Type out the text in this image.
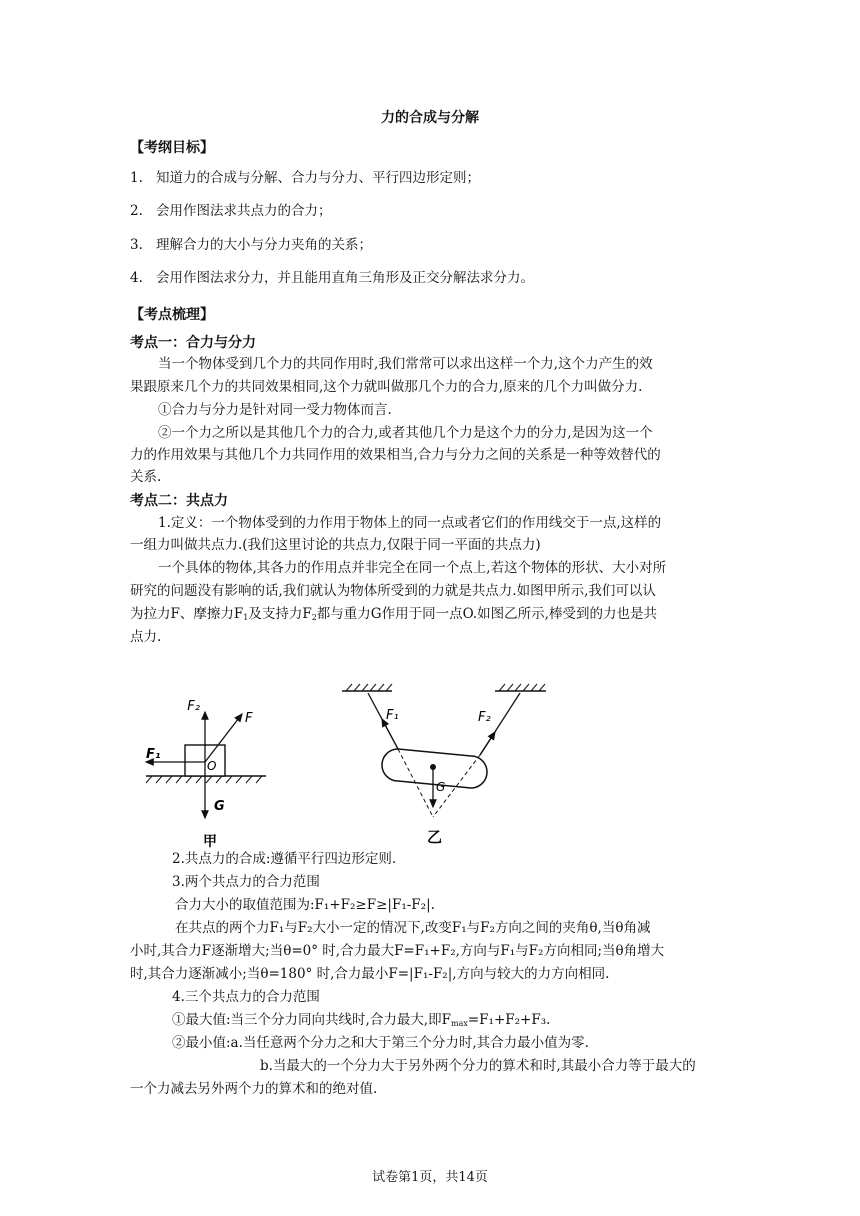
力的合成与分解
【考纲目标】
1. 知道力的合成与分解、合力与分力、平行四边形定则；
2. 会用作图法求共点力的合力；
3. 理解合力的大小与分力夹角的关系；
4. 会用作图法求分力，并且能用直角三角形及正交分解法求分力。
【考点梳理】
考点一：合力与分力
当一个物体受到几个力的共同作用时,我们常常可以求出这样一个力,这个力产生的效
果跟原来几个力的共同效果相同,这个力就叫做那几个力的合力,原来的几个力叫做分力.
①合力与分力是针对同一受力物体而言.
②一个力之所以是其他几个力的合力,或者其他几个力是这个力的分力,是因为这一个
力的作用效果与其他几个力共同作用的效果相当,合力与分力之间的关系是一种等效替代的
关系.
考点二：共点力
1.定义：一个物体受到的力作用于物体上的同一点或者它们的作用线交于一点,这样的
一组力叫做共点力.(我们这里讨论的共点力,仅限于同一平面的共点力)
一个具体的物体,其各力的作用点并非完全在同一个点上,若这个物体的形状、大小对所
研究的问题没有影响的话,我们就认为物体所受到的力就是共点力.如图甲所示,我们可以认
为拉力F、摩擦力$F_1$及支持力$F_2$都与重力G作用于同一点O.如图乙所示,棒受到的力也是共
点力.
F₂
F
F₁
O
G
甲
F₁	F₂
G
乙
2.共点力的合成:遵循平行四边形定则.
3.两个共点力的合力范围
合力大小的取值范围为:F₁+F₂≥F≥|F₁-F₂|.
在共点的两个力F₁与F₂大小一定的情况下,改变F₁与F₂方向之间的夹角θ,当θ角减
小时,其合力F逐渐增大;当θ=0° 时,合力最大F=F₁+F₂,方向与F₁与F₂方向相同;当θ角增大
时,其合力逐渐减小;当θ=180° 时,合力最小F=|F₁-F₂|,方向与较大的力方向相同.
4.三个共点力的合力范围
①最大值:当三个分力同向共线时,合力最大,即$F_{max}=F_1+F_2+F_3$.
②最小值:a.当任意两个分力之和大于第三个分力时,其合力最小值为零.
b.当最大的一个分力大于另外两个分力的算术和时,其最小合力等于最大的
一个力减去另外两个力的算术和的绝对值.
试卷第1页，共14页
